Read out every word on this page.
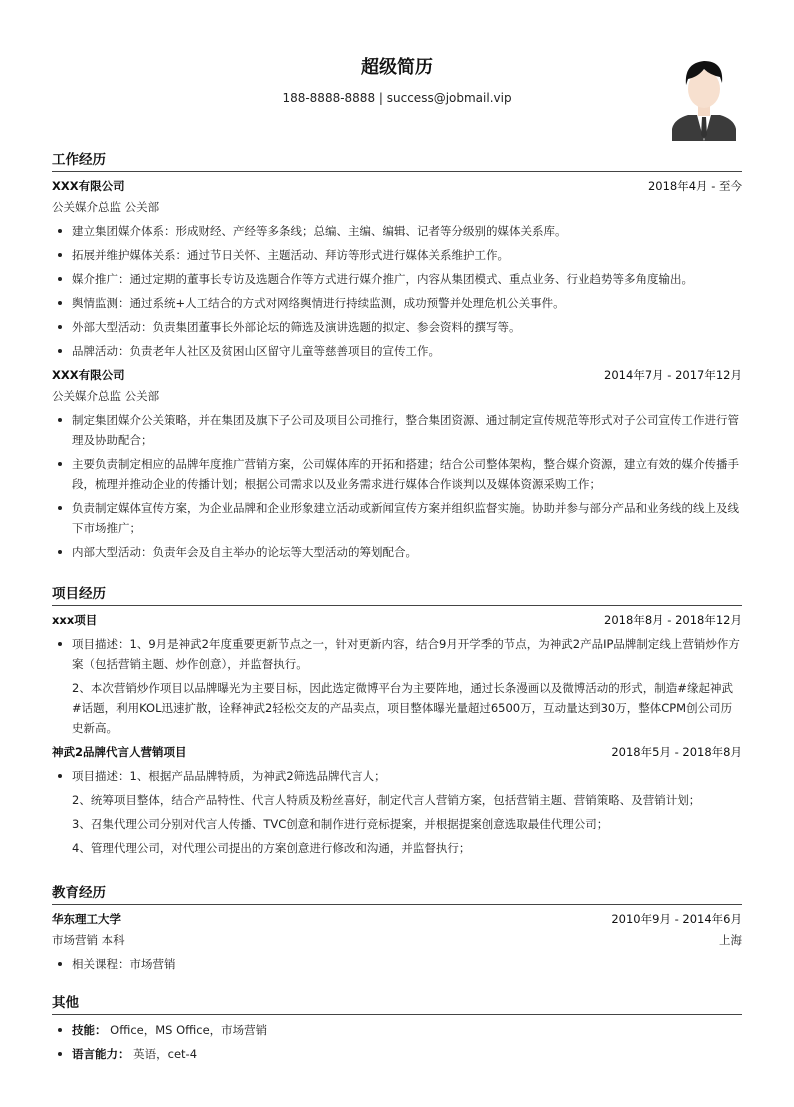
超级简历
188-8888-8888 | success@jobmail.vip
工作经历
XXX有限公司	2018年4月 - 至今
公关媒介总监 公关部
建立集团媒介体系：形成财经、产经等多条线；总编、主编、编辑、记者等分级别的媒体关系库。
拓展并维护媒体关系：通过节日关怀、主题活动、拜访等形式进行媒体关系维护工作。
媒介推广：通过定期的董事长专访及选题合作等方式进行媒介推广，内容从集团模式、重点业务、行业趋势等多角度输出。
舆情监测：通过系统+人工结合的方式对网络舆情进行持续监测，成功预警并处理危机公关事件。
外部大型活动：负责集团董事长外部论坛的筛选及演讲选题的拟定、参会资料的撰写等。
品牌活动：负责老年人社区及贫困山区留守儿童等慈善项目的宣传工作。
XXX有限公司	2014年7月 - 2017年12月
公关媒介总监 公关部
制定集团媒介公关策略，并在集团及旗下子公司及项目公司推行，整合集团资源、通过制定宣传规范等形式对子公司宣传工作进行管理及协助配合；
主要负责制定相应的品牌年度推广营销方案，公司媒体库的开拓和搭建；结合公司整体架构，整合媒介资源，建立有效的媒介传播手段，梳理并推动企业的传播计划；根据公司需求以及业务需求进行媒体合作谈判以及媒体资源采购工作；
负责制定媒体宣传方案，为企业品牌和企业形象建立活动或新闻宣传方案并组织监督实施。协助并参与部分产品和业务线的线上及线下市场推广；
内部大型活动：负责年会及自主举办的论坛等大型活动的筹划配合。
项目经历
xxx项目	2018年8月 - 2018年12月
项目描述：1、9月是神武2年度重要更新节点之一，针对更新内容，结合9月开学季的节点，为神武2产品IP品牌制定线上营销炒作方案（包括营销主题、炒作创意），并监督执行。
2、本次营销炒作项目以品牌曝光为主要目标，因此选定微博平台为主要阵地，通过长条漫画以及微博活动的形式，制造#缘起神武#话题，利用KOL迅速扩散，诠释神武2轻松交友的产品卖点，项目整体曝光量超过6500万，互动量达到30万，整体CPM创公司历史新高。
神武2品牌代言人营销项目	2018年5月 - 2018年8月
项目描述：1、根据产品品牌特质，为神武2筛选品牌代言人；
2、统筹项目整体，结合产品特性、代言人特质及粉丝喜好，制定代言人营销方案，包括营销主题、营销策略、及营销计划；
3、召集代理公司分别对代言人传播、TVC创意和制作进行竞标提案，并根据提案创意选取最佳代理公司；
4、管理代理公司，对代理公司提出的方案创意进行修改和沟通，并监督执行；
教育经历
华东理工大学	2010年9月 - 2014年6月
市场营销 本科	上海
相关课程：市场营销
其他
技能： Office，MS Office，市场营销
语言能力： 英语，cet-4
